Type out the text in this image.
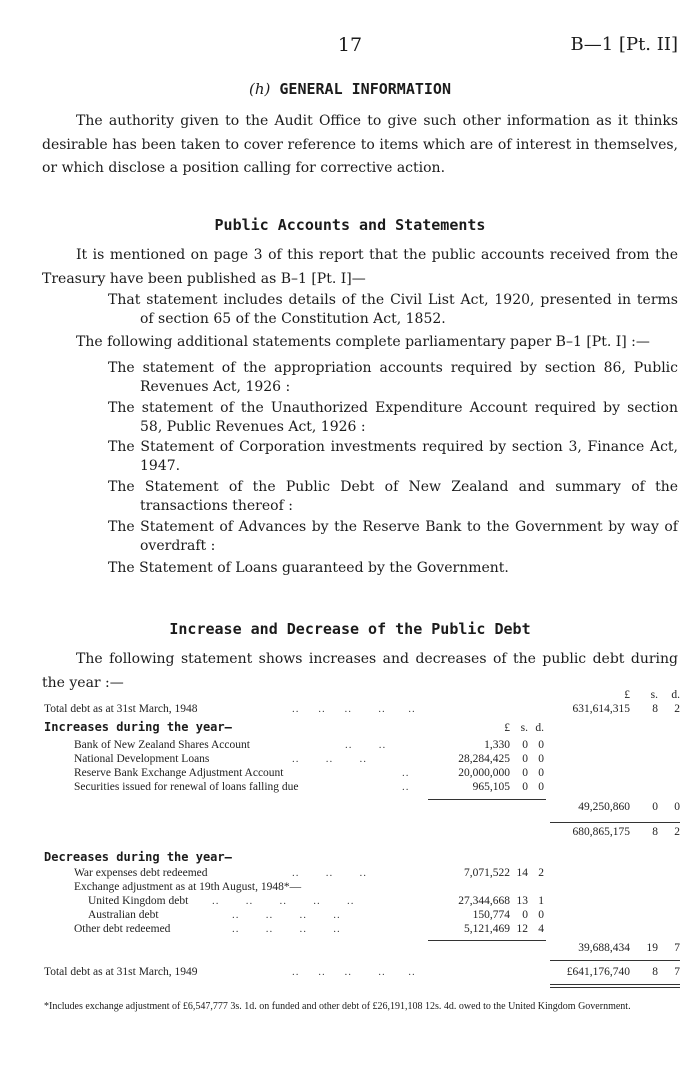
17	B—1 [Pt. II]
(h) GENERAL INFORMATION
The authority given to the Audit Office to give such other information as it thinks desirable has been taken to cover reference to items which are of interest in themselves, or which disclose a position calling for corrective action.
Public Accounts and Statements
It is mentioned on page 3 of this report that the public accounts received from the Treasury have been published as B–1 [Pt. I]—
That statement includes details of the Civil List Act, 1920, presented in terms of section 65 of the Constitution Act, 1852.
The following additional statements complete parliamentary paper B–1 [Pt. I] :—
The statement of the appropriation accounts required by section 86, Public Revenues Act, 1926 :
The statement of the Unauthorized Expenditure Account required by section 58, Public Revenues Act, 1926 :
The Statement of Corporation investments required by section 3, Finance Act, 1947.
The Statement of the Public Debt of New Zealand and summary of the transactions thereof :
The Statement of Advances by the Reserve Bank to the Government by way of overdraft :
The Statement of Loans guaranteed by the Government.
Increase and Decrease of the Public Debt
The following statement shows increases and decreases of the public debt during the year :—
£	s.	d.
Total debt as at 31st March, 1948	..     ..     ..       ..      ..	631,614,315	8	2
Increases during the year—	£ s. d.
Bank of New Zealand Shares Account	..       ..	1,330	0 0
National Development Loans	..       ..       ..	28,284,425	0 0
Reserve Bank Exchange Adjustment Account	..	20,000,000	0 0
Securities issued for renewal of loans falling due	..	965,105	0 0
49,250,860	0	0
680,865,175	8	2
Decreases during the year—
War expenses debt redeemed	..       ..       ..	7,071,522 14 2
Exchange adjustment as at 19th August, 1948*—
United Kingdom debt ..       ..       ..       ..       ..	27,344,668 13 1
Australian debt	..       ..       ..       ..	150,774	0 0
Other debt redeemed	..       ..       ..       ..	5,121,469 12 4
39,688,434	19	7
Total debt as at 31st March, 1949	..     ..     ..       ..      ..	£641,176,740	8	7
*Includes exchange adjustment of £6,547,777 3s. 1d. on funded and other debt of £26,191,108 12s. 4d. owed to the United Kingdom Government.
